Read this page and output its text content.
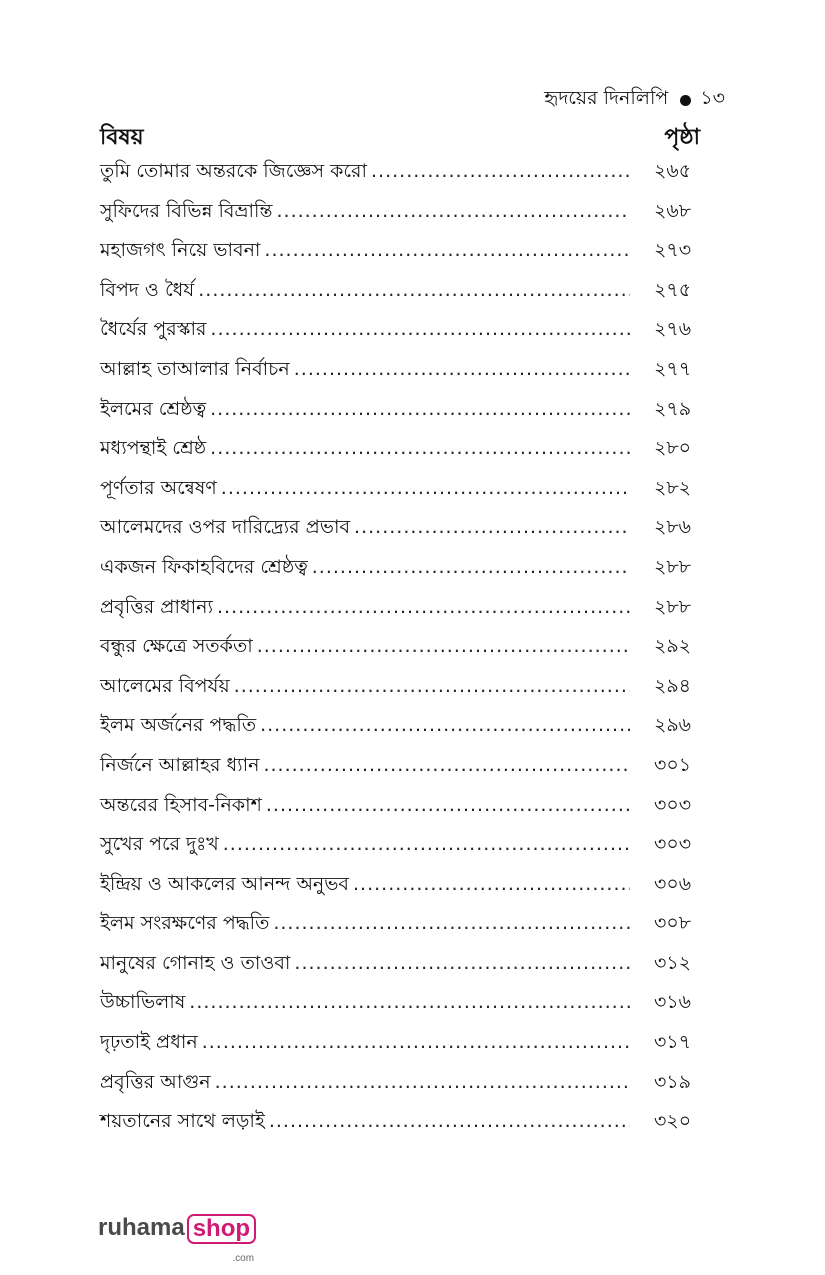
হৃদয়ের দিনলিপি ১৩
বিষয়	পৃষ্ঠা
তুমি তোমার অন্তরকে জিজ্ঞেস করো .....	২৬৫
সুফিদের বিভিন্ন বিভ্রান্তি .....	২৬৮
মহাজগৎ নিয়ে ভাবনা .....	২৭৩
বিপদ ও ধৈর্য .....	২৭৫
ধৈর্যের পুরস্কার .....	২৭৬
আল্লাহ তাআলার নির্বাচন .....	২৭৭
ইলমের শ্রেষ্ঠত্ব .....	২৭৯
মধ্যপন্থাই শ্রেষ্ঠ .....	২৮০
পূর্ণতার অন্বেষণ .....	২৮২
আলেমদের ওপর দারিদ্র্যের প্রভাব .....	২৮৬
একজন ফিকাহবিদের শ্রেষ্ঠত্ব .....	২৮৮
প্রবৃত্তির প্রাধান্য .....	২৮৮
বন্ধুর ক্ষেত্রে সতর্কতা .....	২৯২
আলেমের বিপর্যয় .....	২৯৪
ইলম অর্জনের পদ্ধতি .....	২৯৬
নির্জনে আল্লাহর ধ্যান .....	৩০১
অন্তরের হিসাব-নিকাশ .....	৩০৩
সুখের পরে দুঃখ .....	৩০৩
ইন্দ্রিয় ও আকলের আনন্দ অনুভব .....	৩০৬
ইলম সংরক্ষণের পদ্ধতি .....	৩০৮
মানুষের গোনাহ ও তাওবা .....	৩১২
উচ্চাভিলাষ .....	৩১৬
দৃঢ়তাই প্রধান .....	৩১৭
প্রবৃত্তির আগুন .....	৩১৯
শয়তানের সাথে লড়াই .....	৩২০
ruhama shop
.com
